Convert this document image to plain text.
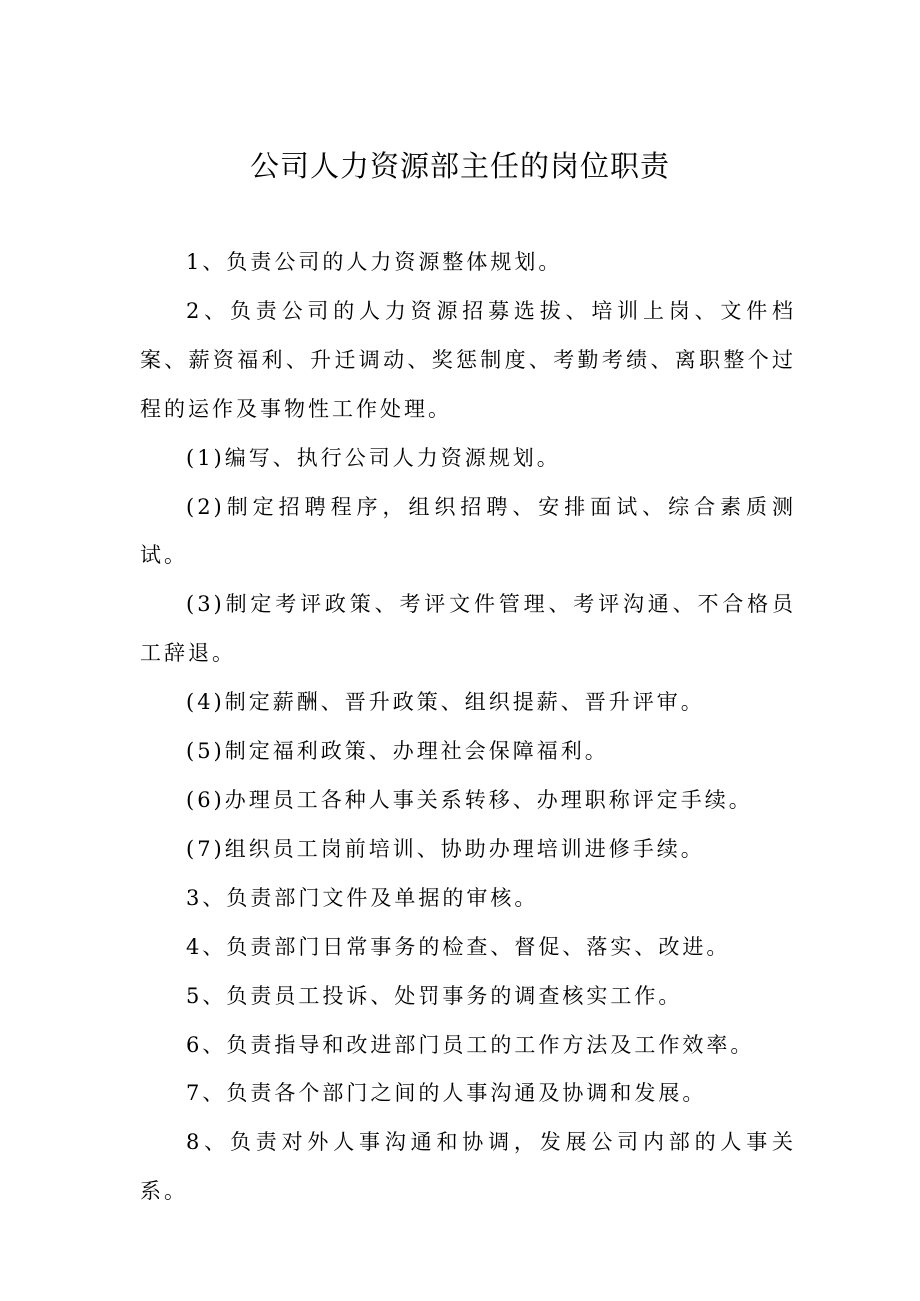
公司人力资源部主任的岗位职责

1、负责公司的人力资源整体规划。

2、负责公司的人力资源招募选拔、培训上岗、文件档案、薪资福利、升迁调动、奖惩制度、考勤考绩、离职整个过程的运作及事物性工作处理。

(1)编写、执行公司人力资源规划。

(2)制定招聘程序，组织招聘、安排面试、综合素质测试。

(3)制定考评政策、考评文件管理、考评沟通、不合格员工辞退。

(4)制定薪酬、晋升政策、组织提薪、晋升评审。

(5)制定福利政策、办理社会保障福利。

(6)办理员工各种人事关系转移、办理职称评定手续。

(7)组织员工岗前培训、协助办理培训进修手续。

3、负责部门文件及单据的审核。

4、负责部门日常事务的检查、督促、落实、改进。

5、负责员工投诉、处罚事务的调查核实工作。

6、负责指导和改进部门员工的工作方法及工作效率。

7、负责各个部门之间的人事沟通及协调和发展。

8、负责对外人事沟通和协调，发展公司内部的人事关系。
